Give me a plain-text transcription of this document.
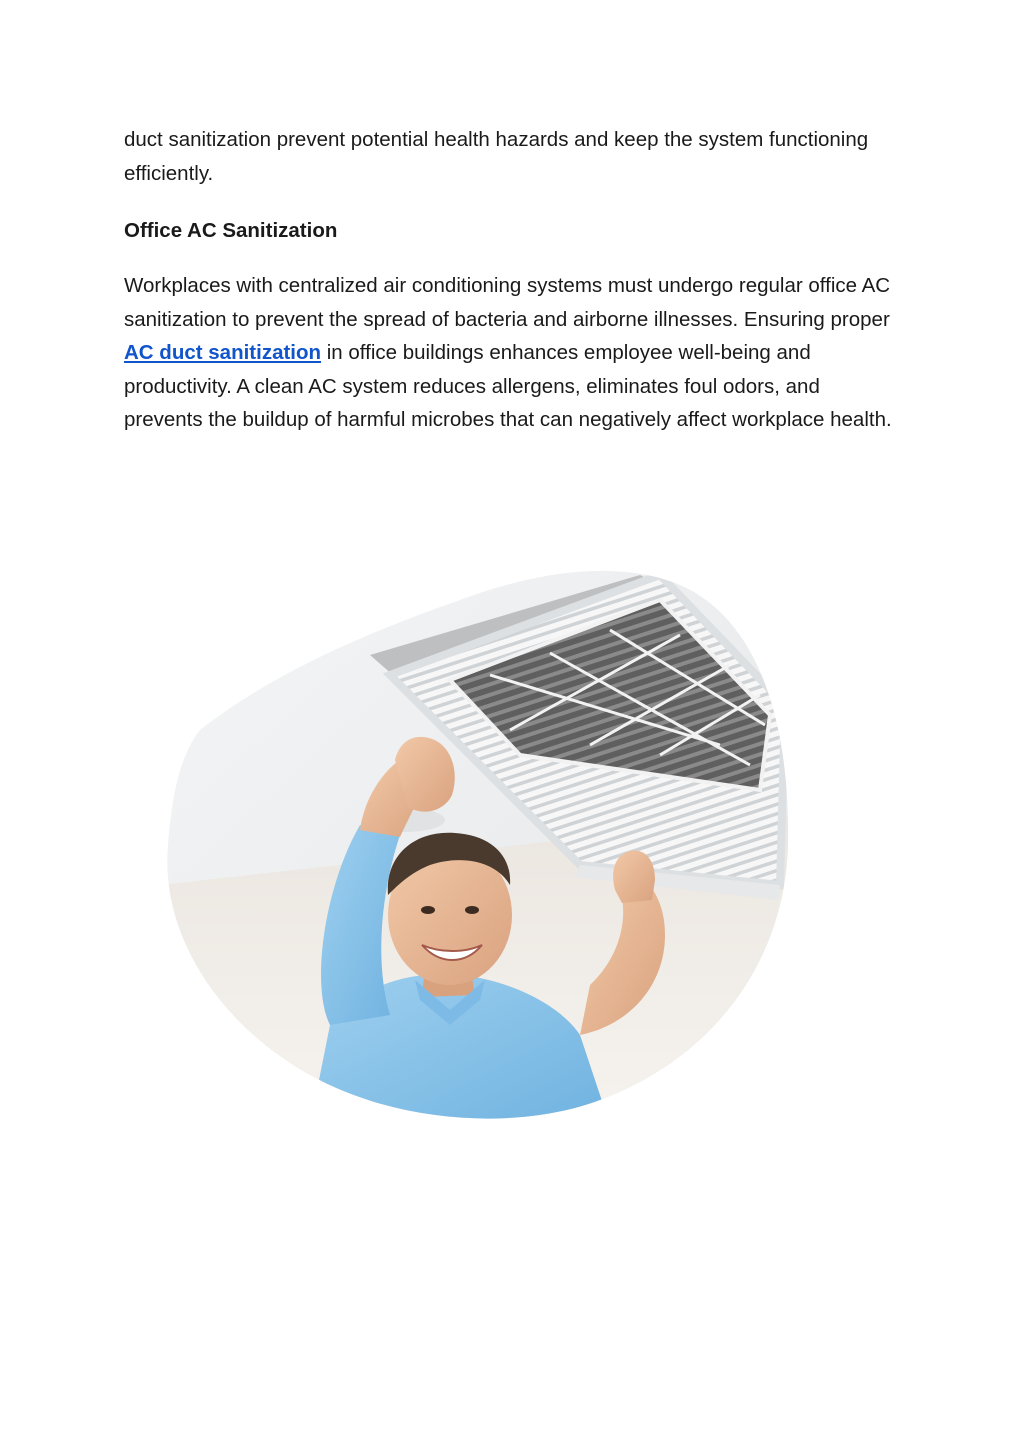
duct sanitization prevent potential health hazards and keep the system functioning efficiently.

Office AC Sanitization

Workplaces with centralized air conditioning systems must undergo regular office AC sanitization to prevent the spread of bacteria and airborne illnesses. Ensuring proper AC duct sanitization in office buildings enhances employee well-being and productivity. A clean AC system reduces allergens, eliminates foul odors, and prevents the buildup of harmful microbes that can negatively affect workplace health.
